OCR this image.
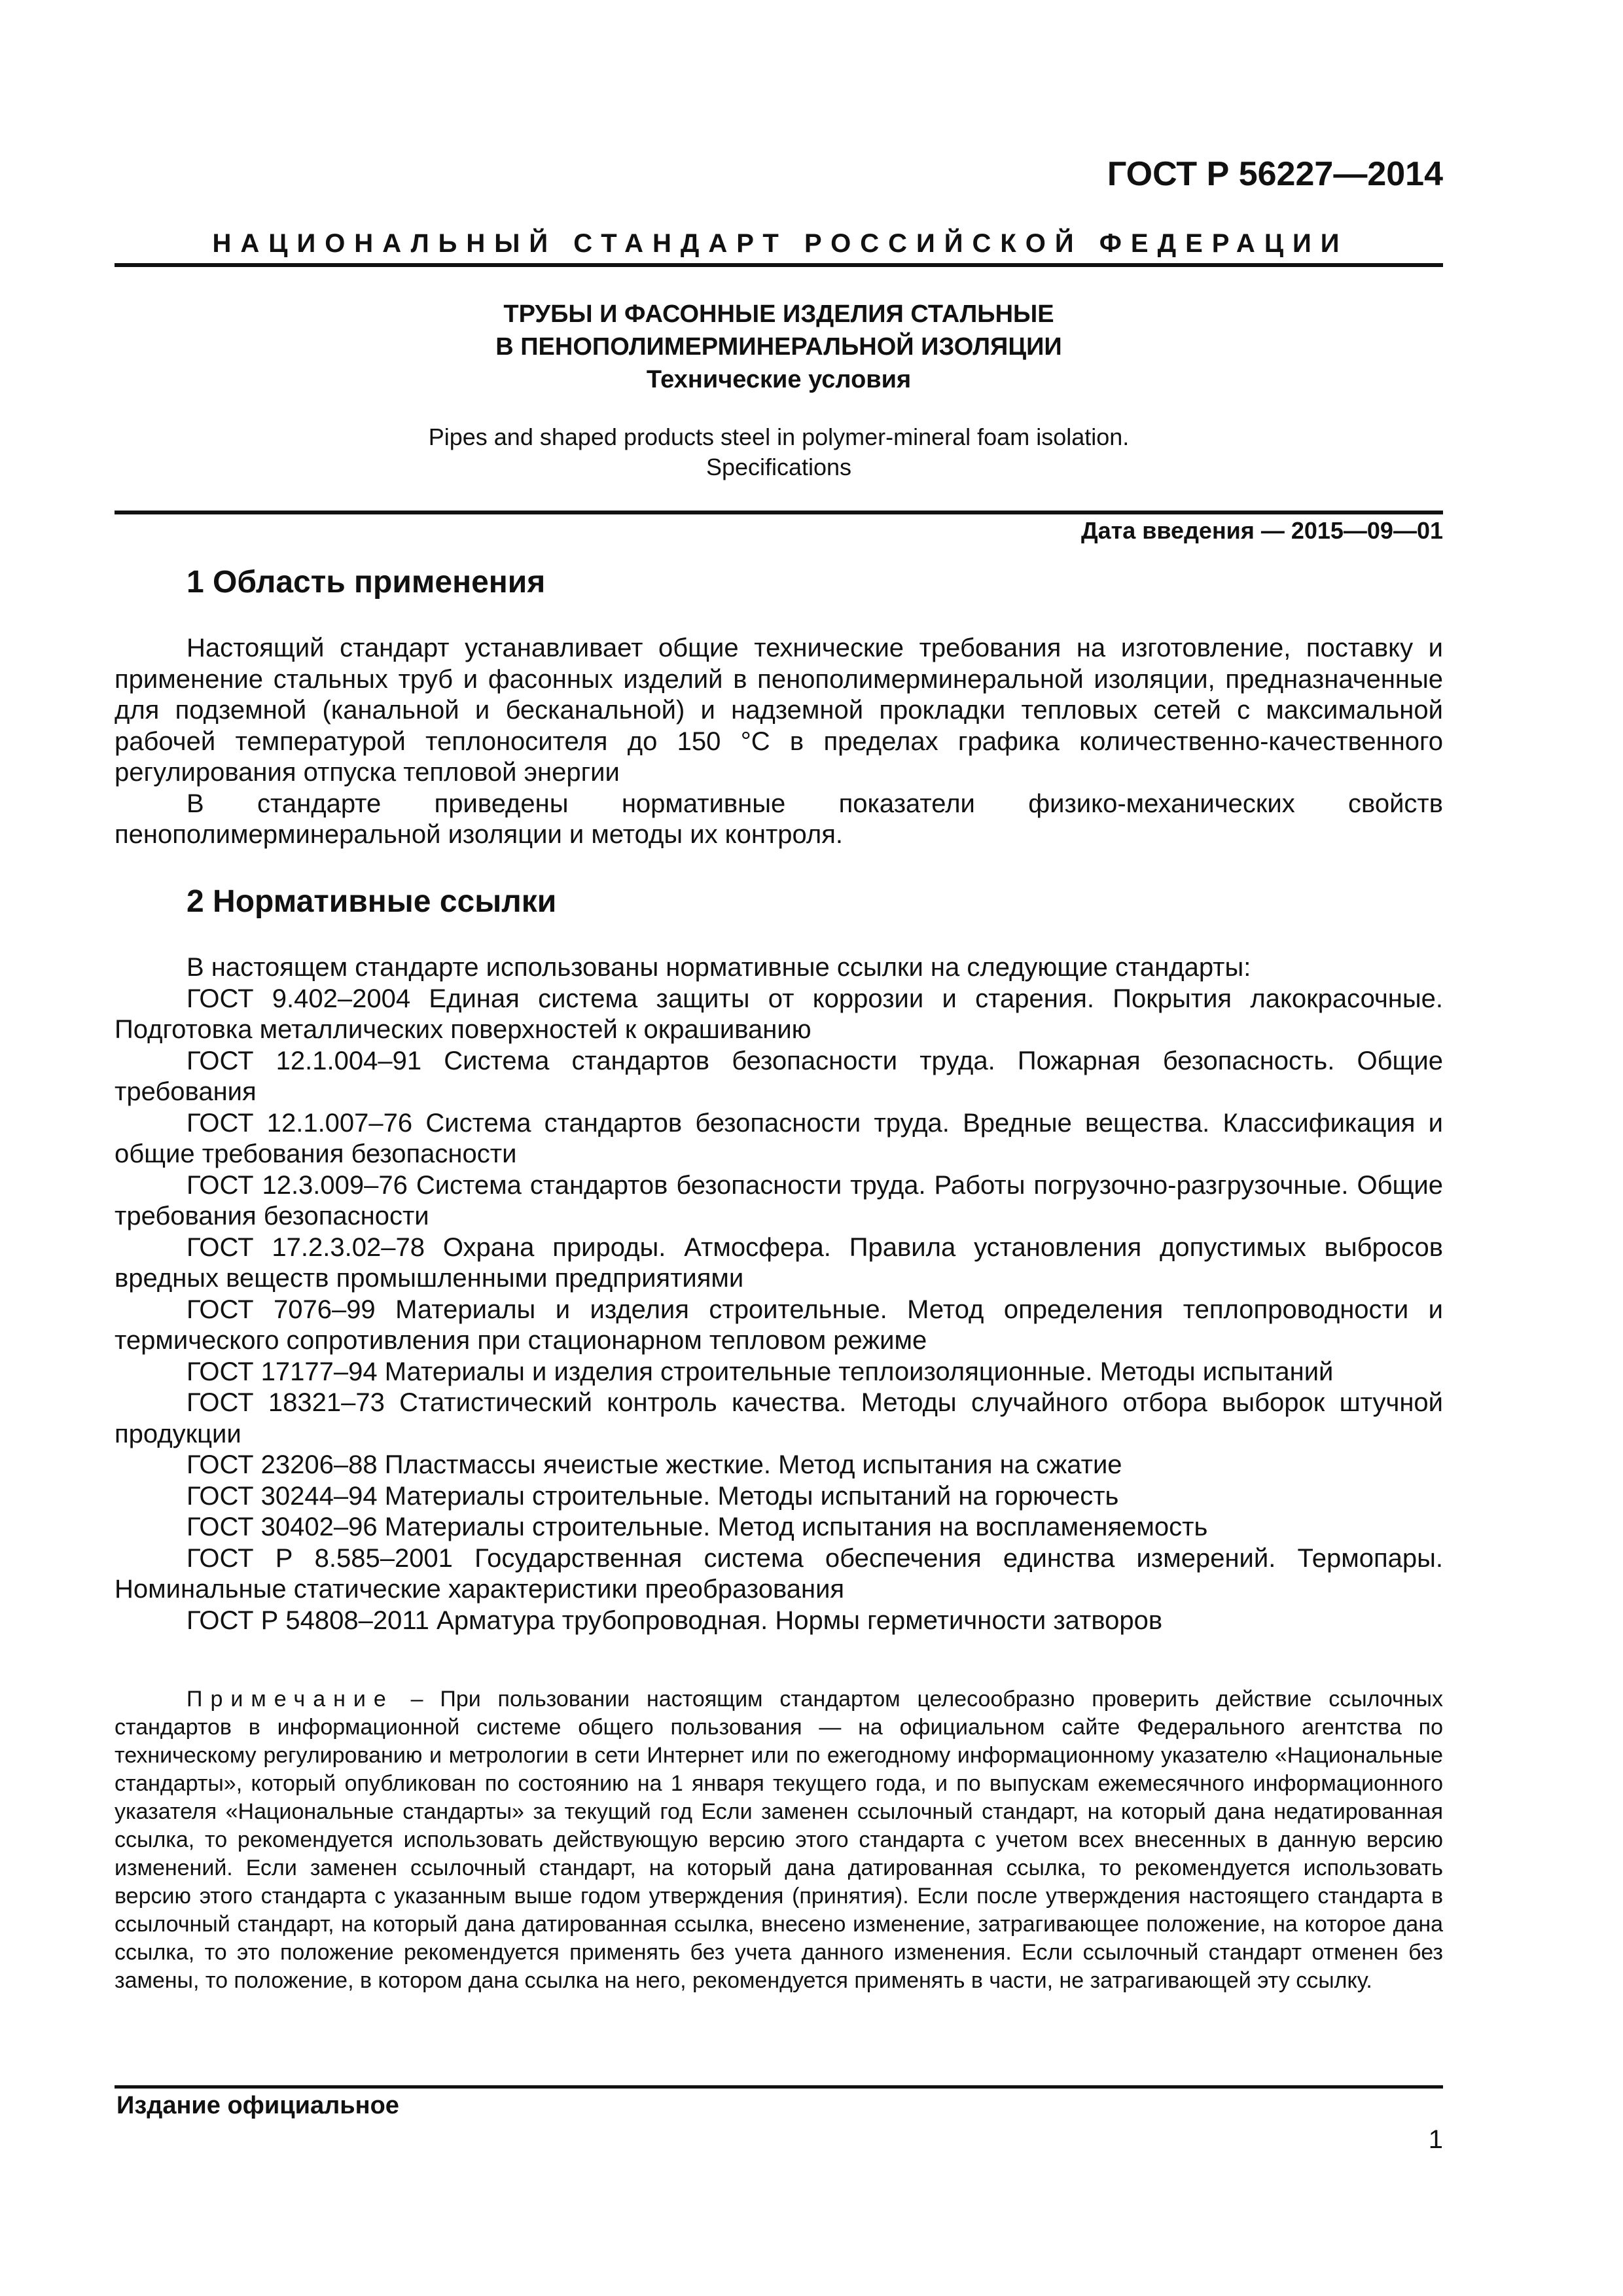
ГОСТ Р 56227—2014
НАЦИОНАЛЬНЫЙ СТАНДАРТ РОССИЙСКОЙ ФЕДЕРАЦИИ
ТРУБЫ И ФАСОННЫЕ ИЗДЕЛИЯ СТАЛЬНЫЕ
В ПЕНОПОЛИМЕРМИНЕРАЛЬНОЙ ИЗОЛЯЦИИ
Технические условия
Pipes and shaped products steel in polymer-mineral foam isolation.
Specifications
Дата введения — 2015—09—01
1 Область применения

Настоящий стандарт устанавливает общие технические требования на изготовление, поставку и применение стальных труб и фасонных изделий в пенополимерминеральной изоляции, предназначенные для подземной (канальной и бесканальной) и надземной прокладки тепловых сетей с максимальной рабочей температурой теплоносителя до 150 °С в пределах графика количественно-качественного регулирования отпуска тепловой энергии

В стандарте приведены нормативные показатели физико-механических свойств пенополимерминеральной изоляции и методы их контроля.

2 Нормативные ссылки

В настоящем стандарте использованы нормативные ссылки на следующие стандарты:

ГОСТ 9.402–2004 Единая система защиты от коррозии и старения. Покрытия лакокрасочные. Подготовка металлических поверхностей к окрашиванию

ГОСТ 12.1.004–91 Система стандартов безопасности труда. Пожарная безопасность. Общие требования

ГОСТ 12.1.007–76 Система стандартов безопасности труда. Вредные вещества. Классификация и общие требования безопасности

ГОСТ 12.3.009–76 Система стандартов безопасности труда. Работы погрузочно-разгрузочные. Общие требования безопасности

ГОСТ 17.2.3.02–78 Охрана природы. Атмосфера. Правила установления допустимых выбросов вредных веществ промышленными предприятиями

ГОСТ 7076–99 Материалы и изделия строительные. Метод определения теплопроводности и термического сопротивления при стационарном тепловом режиме

ГОСТ 17177–94 Материалы и изделия строительные теплоизоляционные. Методы испытаний

ГОСТ 18321–73 Статистический контроль качества. Методы случайного отбора выборок штучной продукции

ГОСТ 23206–88 Пластмассы ячеистые жесткие. Метод испытания на сжатие

ГОСТ 30244–94 Материалы строительные. Методы испытаний на горючесть

ГОСТ 30402–96 Материалы строительные. Метод испытания на воспламеняемость

ГОСТ Р 8.585–2001 Государственная система обеспечения единства измерений. Термопары. Номинальные статические характеристики преобразования

ГОСТ Р 54808–2011 Арматура трубопроводная. Нормы герметичности затворов

Примечание – При пользовании настоящим стандартом целесообразно проверить действие ссылочных стандартов в информационной системе общего пользования — на официальном сайте Федерального агентства по техническому регулированию и метрологии в сети Интернет или по ежегодному информационному указателю «Национальные стандарты», который опубликован по состоянию на 1 января текущего года, и по выпускам ежемесячного информационного указателя «Национальные стандарты» за текущий год Если заменен ссылочный стандарт, на который дана недатированная ссылка, то рекомендуется использовать действующую версию этого стандарта с учетом всех внесенных в данную версию изменений. Если заменен ссылочный стандарт, на который дана датированная ссылка, то рекомендуется использовать версию этого стандарта с указанным выше годом утверждения (принятия). Если после утверждения настоящего стандарта в ссылочный стандарт, на который дана датированная ссылка, внесено изменение, затрагивающее положение, на которое дана ссылка, то это положение рекомендуется применять без учета данного изменения. Если ссылочный стандарт отменен без замены, то положение, в котором дана ссылка на него, рекомендуется применять в части, не затрагивающей эту ссылку.
Издание официальное
1
